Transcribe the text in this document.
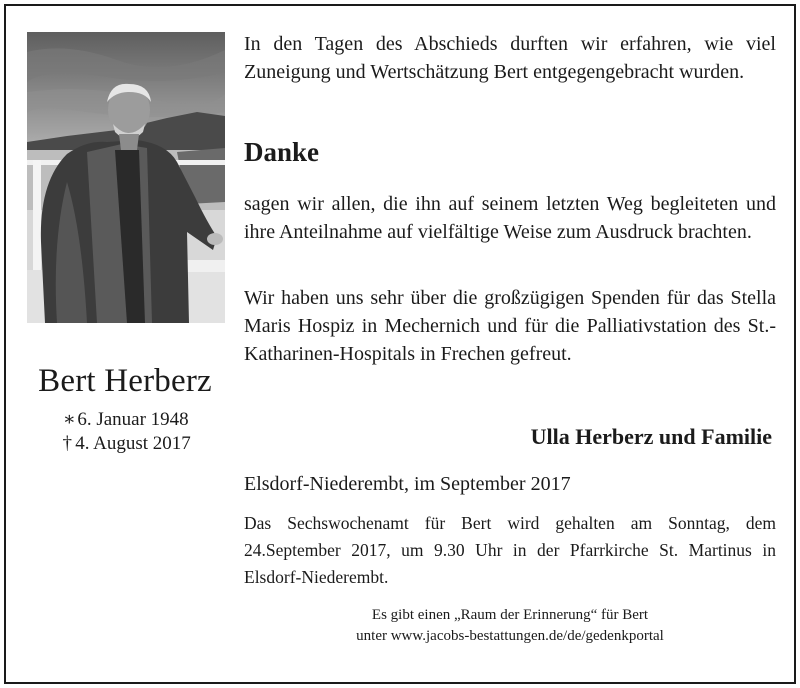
Bert Herberz
∗6. Januar 1948
† 4. August 2017

In den Tagen des Abschieds durften wir erfahren, wie viel Zuneigung und Wertschätzung Bert entgegengebracht wurden.

Danke

sagen wir allen, die ihn auf seinem letzten Weg begleiteten und ihre Anteilnahme auf vielfältige Weise zum Ausdruck brachten.

Wir haben uns sehr über die großzügigen Spenden für das Stella Maris Hospiz in Mechernich und für die Palliativstation des St.-Katharinen-Hospitals in Frechen gefreut.

Ulla Herberz und Familie
Elsdorf-Niederembt, im September 2017

Das Sechswochenamt für Bert wird gehalten am Sonntag, dem 24.September 2017, um 9.30 Uhr in der Pfarrkirche St. Martinus in Elsdorf-Niederembt.

Es gibt einen „Raum der Erinnerung“ für Bert
unter www.jacobs-bestattungen.de/de/gedenkportal
